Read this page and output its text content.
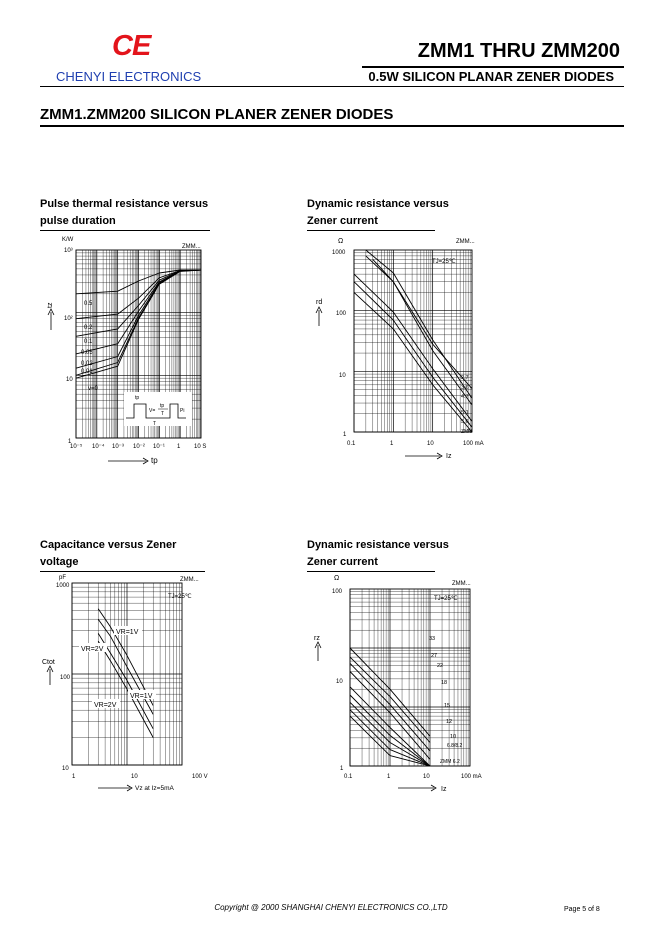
CE
CHENYI ELECTRONICS
ZMM1 THRU ZMM200
0.5W SILICON PLANAR ZENER DIODES
ZMM1.ZMM200 SILICON PLANER ZENER DIODES
Pulse thermal resistance versus
pulse duration
Dynamic resistance versus
Zener current
Capacitance versus Zener
voltage
Dynamic resistance versus
Zener current
K/W
ZMM...
10³
10²
10
1
tz
10⁻⁵ 10⁻⁴ 10⁻³ 10⁻² 10⁻¹ 1 10 S
tp
0.5
0.2
0.1
0.05
0.02
0.01
v=0
tp
V=
tp
T
T
Pi
Ω	ZMM...
TJ=25℃
1000
100
10
1
rd
0.1	1	10	100 mA
Iz
2.7
3.6
4.7
5.1
5.6
ZMM
pF	ZMM...
TJ=25℃
1000
100
10
Ctot
1	10	100 V
Vz at Iz=5mA
VR=1V
VR=2V
VR=1V
VR=2V
Ω
ZMM...
TJ=25℃
100
10
1
rz
0.1	1	10	100 mA
Iz
33
27
22
18
15
12
10
6.8/8.2
ZMM 6.2
Copyright @ 2000 SHANGHAI CHENYI ELECTRONICS CO.,LTD	Page 5 of 8
